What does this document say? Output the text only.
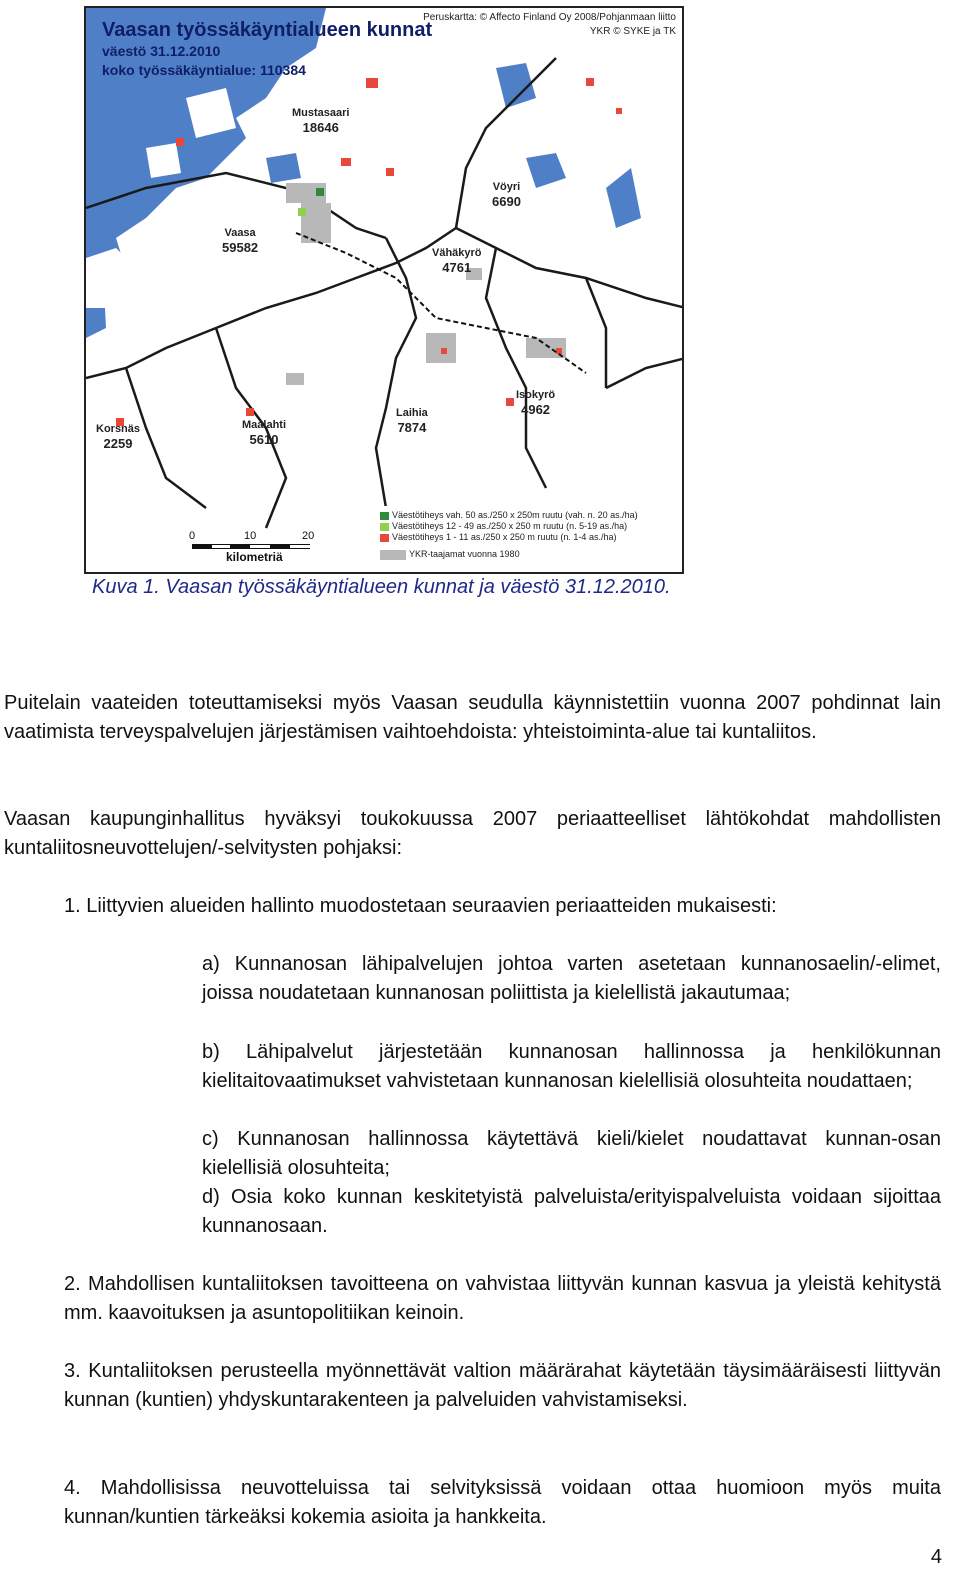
Vaasan työssäkäyntialueen kunnat
väestö 31.12.2010
koko työssäkäyntialue: 110384
Peruskartta: © Affecto Finland Oy 2008/Pohjanmaan liitto
YKR © SYKE ja TK
Mustasaari
18646
Vöyri
6690
Vaasa
59582	Vähäkyrö
4761
Isokyrö
4962
Korsnäs
2259
Maalahti
5610
Laihia
7874
Väestötiheys vah. 50 as./250 x 250m ruutu (vah. n. 20 as./ha)
Väestötiheys 12 - 49 as./250 x 250 m ruutu (n. 5-19 as./ha)
Väestötiheys 1 - 11 as./250 x 250 m ruutu (n. 1-4 as./ha)
YKR-taajamat vuonna 1980
0	10	20
kilometriä
Kuva 1. Vaasan työssäkäyntialueen kunnat ja väestö 31.12.2010.
Puitelain vaateiden toteuttamiseksi myös Vaasan seudulla käynnistettiin vuonna 2007 pohdinnat lain vaatimista terveyspalvelujen järjestämisen vaihtoehdoista: yhteistoiminta-alue tai kuntaliitos.
Vaasan kaupunginhallitus hyväksyi toukokuussa 2007 periaatteelliset lähtökohdat mahdollisten kuntaliitosneuvottelujen/-selvitysten pohjaksi:
1. Liittyvien alueiden hallinto muodostetaan seuraavien periaatteiden mukaisesti:
a) Kunnanosan lähipalvelujen johtoa varten asetetaan kunnanosaelin/-elimet, joissa noudatetaan kunnanosan poliittista ja kielellistä jakautumaa;
b) Lähipalvelut järjestetään kunnanosan hallinnossa ja henkilökunnan kielitaitovaatimukset vahvistetaan kunnanosan kielellisiä olosuhteita noudattaen;
c) Kunnanosan hallinnossa käytettävä kieli/kielet noudattavat kunnan-osan kielellisiä olosuhteita;
d) Osia koko kunnan keskitetyistä palveluista/erityispalveluista voidaan sijoittaa kunnanosaan.
2. Mahdollisen kuntaliitoksen tavoitteena on vahvistaa liittyvän kunnan kasvua ja yleistä kehitystä mm. kaavoituksen ja asuntopolitiikan keinoin.
3. Kuntaliitoksen perusteella myönnettävät valtion määrärahat käytetään täysimääräisesti liittyvän kunnan (kuntien) yhdyskuntarakenteen ja palveluiden vahvistamiseksi.
4. Mahdollisissa neuvotteluissa tai selvityksissä voidaan ottaa huomioon myös muita kunnan/kuntien tärkeäksi kokemia asioita ja hankkeita.
4
